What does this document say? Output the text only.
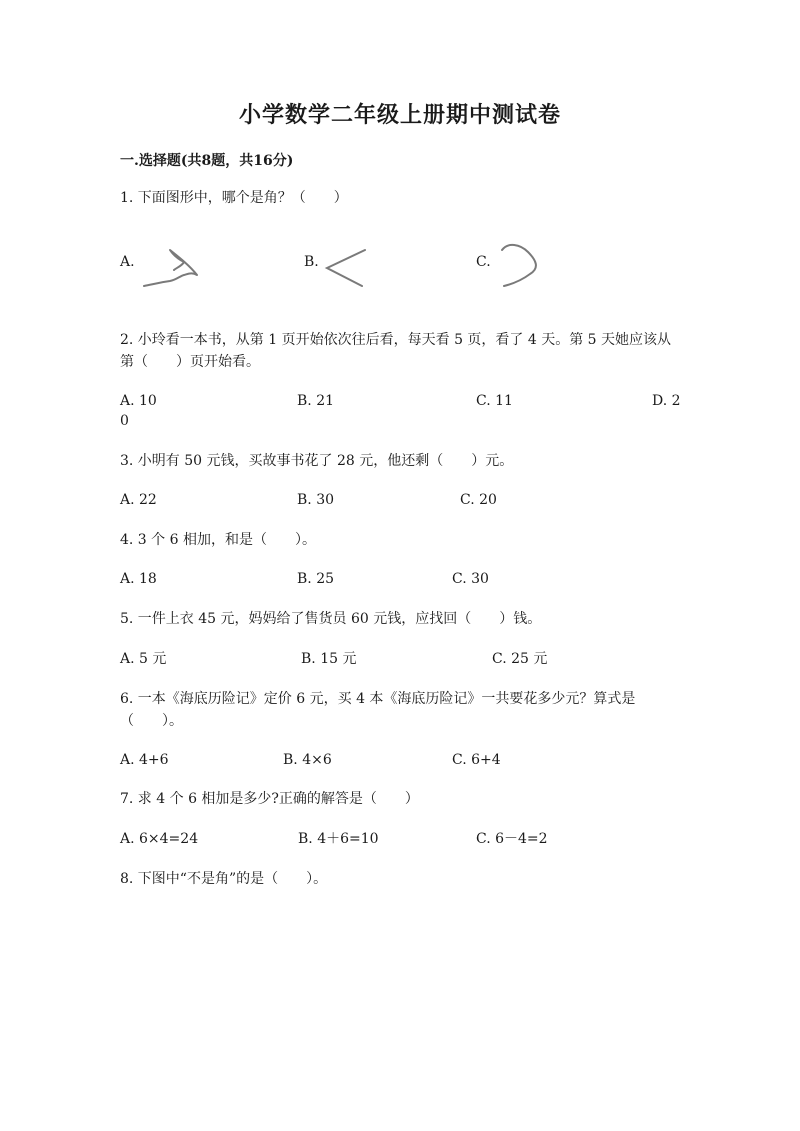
小学数学二年级上册期中测试卷
一.选择题(共8题，共16分)
1. 下面图形中，哪个是角？（　　）
A.	B.	C.
2. 小玲看一本书，从第 1 页开始依次往后看，每天看 5 页，看了 4 天。第 5 天她应该从第（　　）页开始看。
A. 10	B. 21	C. 11	D. 2
0
3. 小明有 50 元钱，买故事书花了 28 元，他还剩（　　）元。
A. 22	B. 30	C. 20
4. 3 个 6 相加，和是（　　）。
A. 18	B. 25	C. 30
5. 一件上衣 45 元，妈妈给了售货员 60 元钱，应找回（　　）钱。
A. 5 元	B. 15 元	C. 25 元
6. 一本《海底历险记》定价 6 元，买 4 本《海底历险记》一共要花多少元？算式是（　　）。
A. 4+6	B. 4×6	C. 6+4
7. 求 4 个 6 相加是多少?正确的解答是（　　）
A. 6×4=24	B. 4＋6=10	C. 6－4=2
8. 下图中“不是角”的是（　　）。
